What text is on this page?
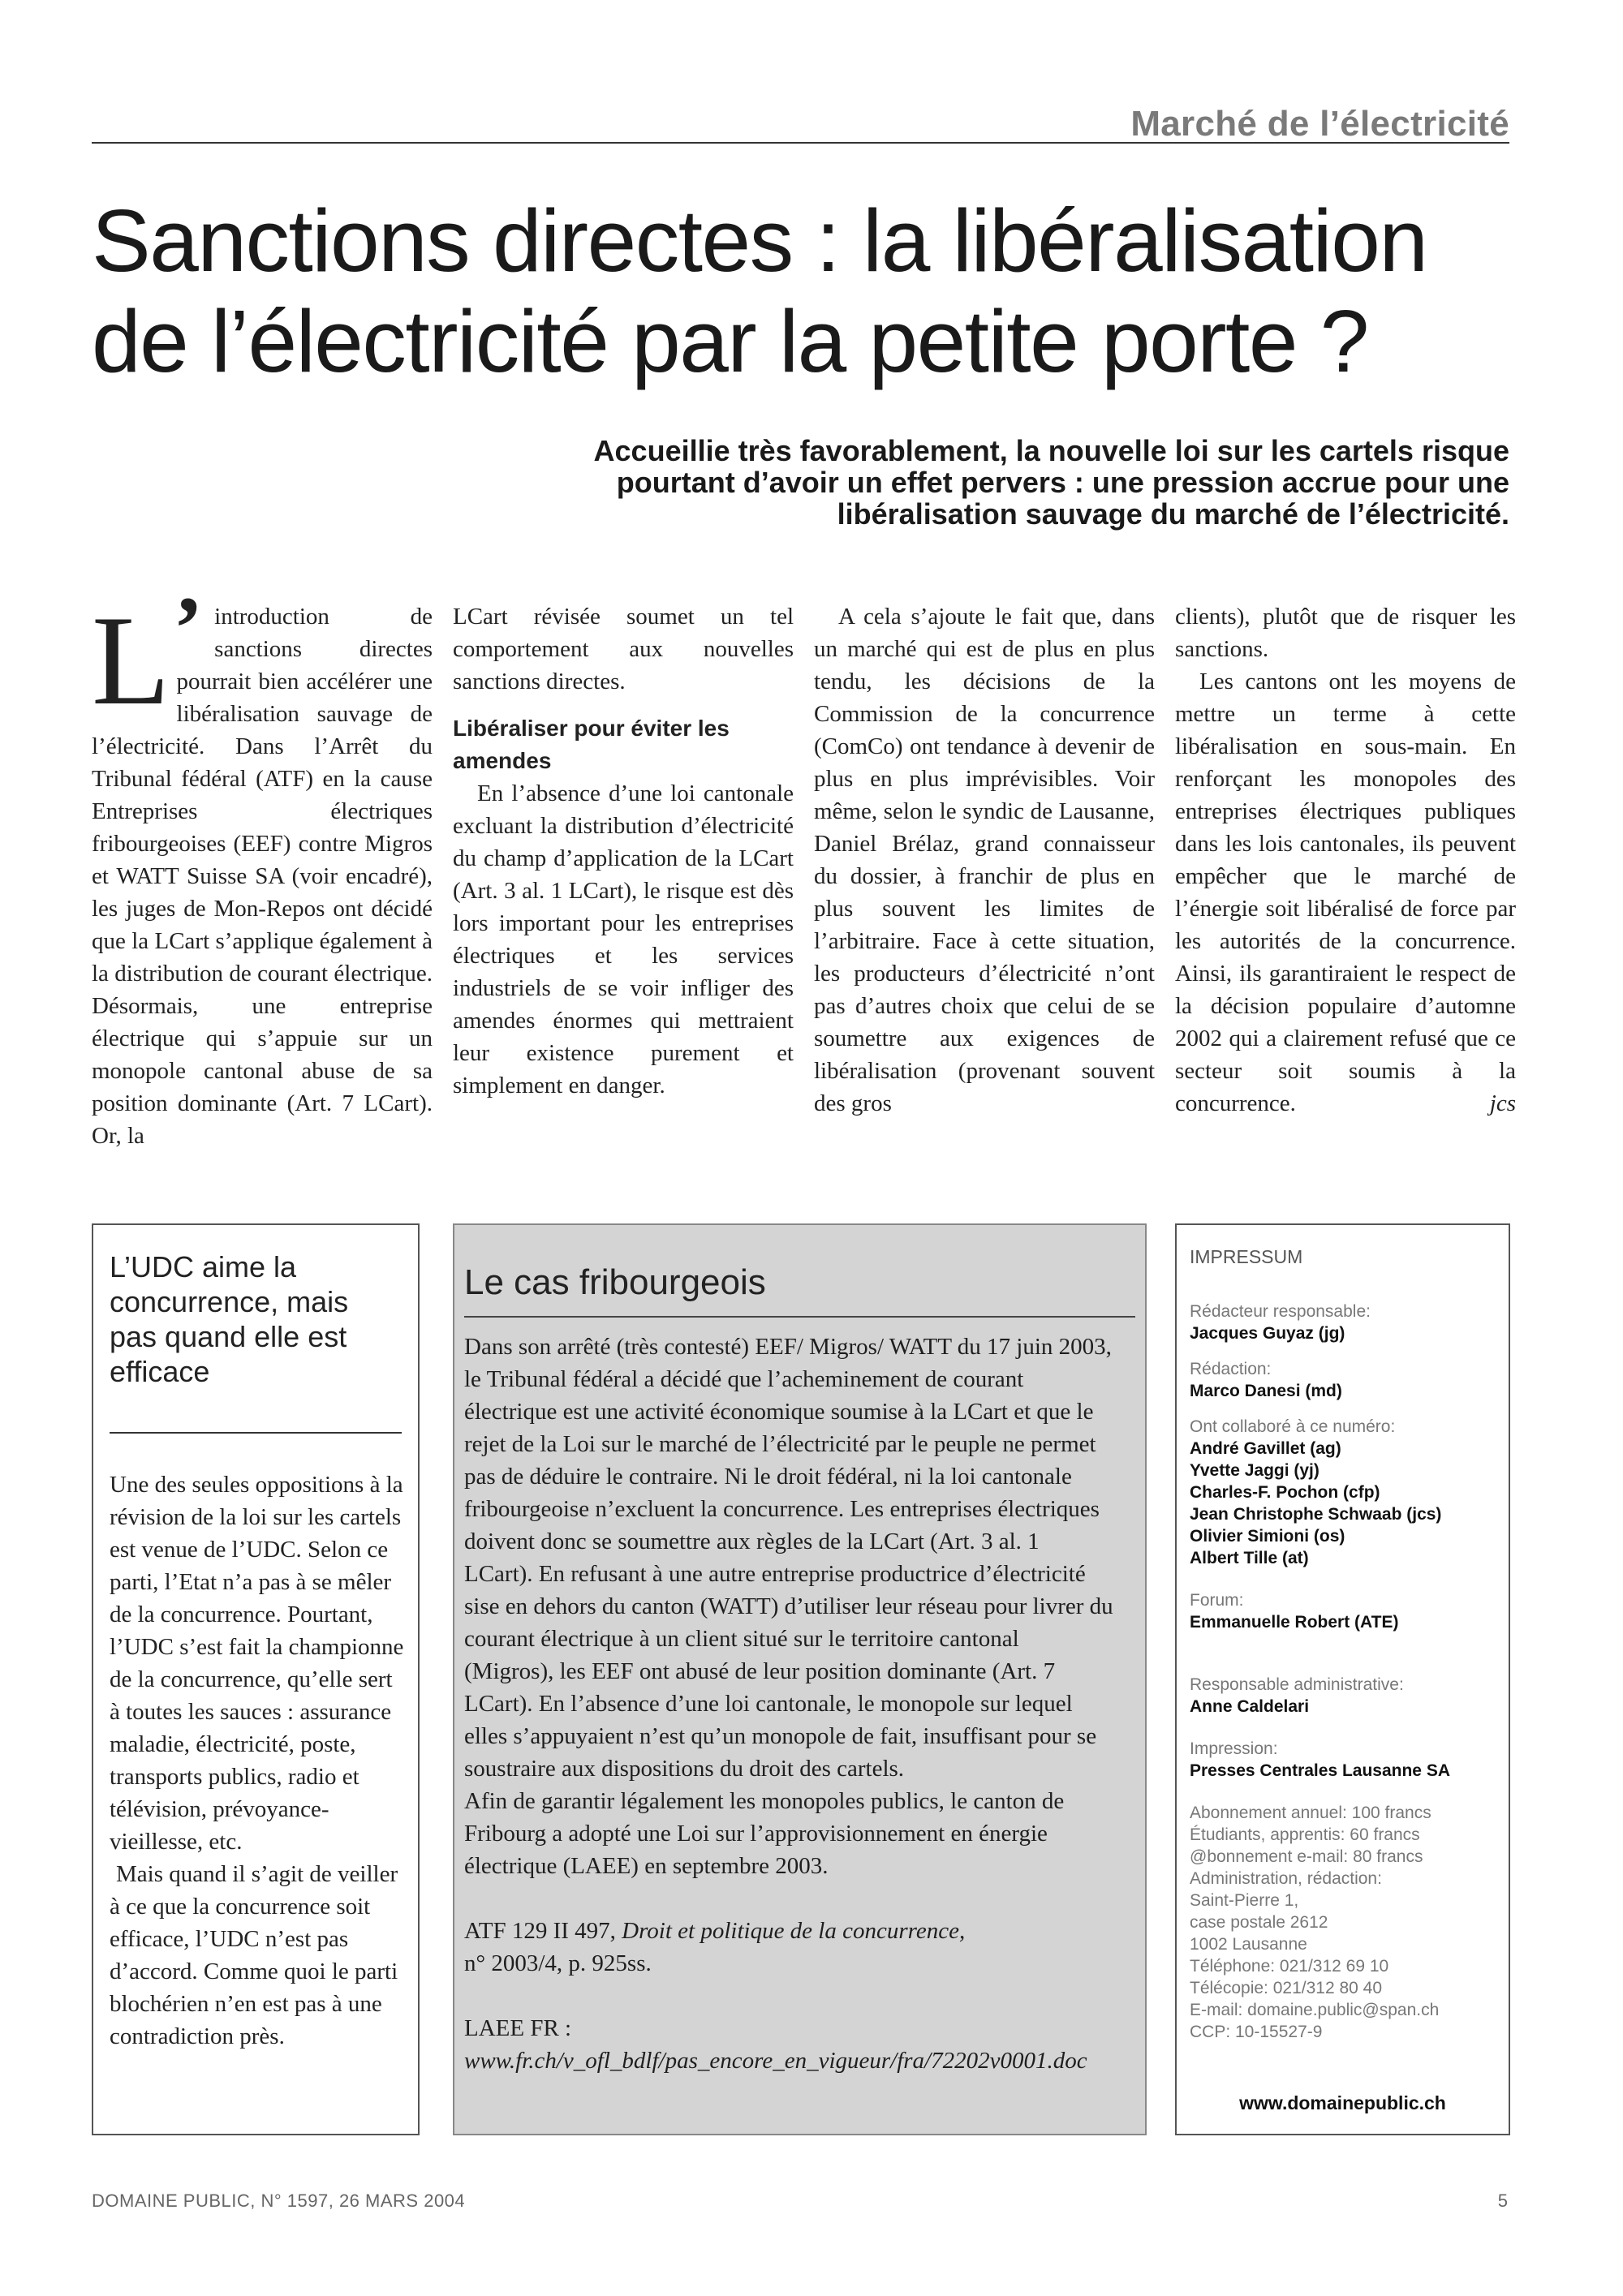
Marché de l’électricité
Sanctions directes : la libéralisation de l’électricité par la petite porte ?
Accueillie très favorablement, la nouvelle loi sur les cartels risque pourtant d’avoir un effet pervers : une pression accrue pour une libéralisation sauvage du marché de l’électricité.

L ’ introduction de sanctions directes pourrait bien accélérer une libéralisation sauvage de l’électricité. Dans l’Arrêt du Tribunal fédéral (ATF) en la cause Entreprises électriques fribourgeoises (EEF) contre Migros et WATT Suisse SA (voir encadré), les juges de Mon-Repos ont décidé que la LCart s’applique également à la distribution de courant électrique. Désormais, une entreprise électrique qui s’appuie sur un monopole cantonal abuse de sa position dominante (Art. 7 LCart). Or, la

LCart révisée soumet un tel comportement aux nouvelles sanctions directes.

Libéraliser pour éviter les amendes

En l’absence d’une loi cantonale excluant la distribution d’électricité du champ d’application de la LCart (Art. 3 al. 1 LCart), le risque est dès lors important pour les entreprises électriques et les services industriels de se voir infliger des amendes énormes qui mettraient leur existence purement et simplement en danger.

A cela s’ajoute le fait que, dans un marché qui est de plus en plus tendu, les décisions de la Commission de la concurrence (ComCo) ont tendance à devenir de plus en plus imprévisibles. Voir même, selon le syndic de Lausanne, Daniel Brélaz, grand connaisseur du dossier, à franchir de plus en plus souvent les limites de l’arbitraire. Face à cette situation, les producteurs d’électricité n’ont pas d’autres choix que celui de se soumettre aux exigences de libéralisation (provenant souvent des gros

clients), plutôt que de risquer les sanctions.

Les cantons ont les moyens de mettre un terme à cette libéralisation en sous-main. En renforçant les monopoles des entreprises électriques publiques dans les lois cantonales, ils peuvent empêcher que le marché de l’énergie soit libéralisé de force par les autorités de la concurrence. Ainsi, ils garantiraient le respect de la décision populaire d’automne 2002 qui a clairement refusé que ce secteur soit soumis à la concurrence.	jcs

L’UDC aime la concurrence, mais pas quand elle est efficace

Une des seules oppositions à la révision de la loi sur les cartels est venue de l’UDC. Selon ce parti, l’Etat n’a pas à se mêler de la concurrence. Pourtant, l’UDC s’est fait la championne de la concurrence, qu’elle sert à toutes les sauces : assurance maladie, électricité, poste, transports publics, radio et télévision, prévoyance-vieillesse, etc.

Mais quand il s’agit de veiller à ce que la concurrence soit efficace, l’UDC n’est pas d’accord. Comme quoi le parti blochérien n’en est pas à une contradiction près.

Le cas fribourgeois

Dans son arrêté (très contesté) EEF/ Migros/ WATT du 17 juin 2003, le Tribunal fédéral a décidé que l’acheminement de courant électrique est une activité économique soumise à la LCart et que le rejet de la Loi sur le marché de l’électricité par le peuple ne permet pas de déduire le contraire. Ni le droit fédéral, ni la loi cantonale fribourgeoise n’excluent la concurrence. Les entreprises électriques doivent donc se soumettre aux règles de la LCart (Art. 3 al. 1 LCart). En refusant à une autre entreprise productrice d’électricité sise en dehors du canton (WATT) d’utiliser leur réseau pour livrer du courant électrique à un client situé sur le territoire cantonal (Migros), les EEF ont abusé de leur position dominante (Art. 7 LCart). En l’absence d’une loi cantonale, le monopole sur lequel elles s’appuyaient n’est qu’un monopole de fait, insuffisant pour se soustraire aux dispositions du droit des cartels.

Afin de garantir légalement les monopoles publics, le canton de Fribourg a adopté une Loi sur l’approvisionnement en énergie électrique (LAEE) en septembre 2003.

ATF 129 II 497, Droit et politique de la concurrence,
n° 2003/4, p. 925ss.

LAEE FR :
www.fr.ch/v_ofl_bdlf/pas_encore_en_vigueur/fra/72202v0001.doc

IMPRESSUM
Rédacteur responsable:
Jacques Guyaz (jg)
Rédaction:
Marco Danesi (md)
Ont collaboré à ce numéro:
André Gavillet (ag)
Yvette Jaggi (yj)
Charles-F. Pochon (cfp)
Jean Christophe Schwaab (jcs)
Olivier Simioni (os)
Albert Tille (at)
Forum:
Emmanuelle Robert (ATE)
Responsable administrative:
Anne Caldelari
Impression:
Presses Centrales Lausanne SA
Abonnement annuel: 100 francs
Étudiants, apprentis: 60 francs
@bonnement e-mail: 80 francs
Administration, rédaction:
Saint-Pierre 1,
case postale 2612
1002 Lausanne
Téléphone: 021/312 69 10
Télécopie: 021/312 80 40
E-mail: domaine.public@span.ch
CCP: 10-15527-9
www.domainepublic.ch
DOMAINE PUBLIC, N° 1597, 26 MARS 2004	5
